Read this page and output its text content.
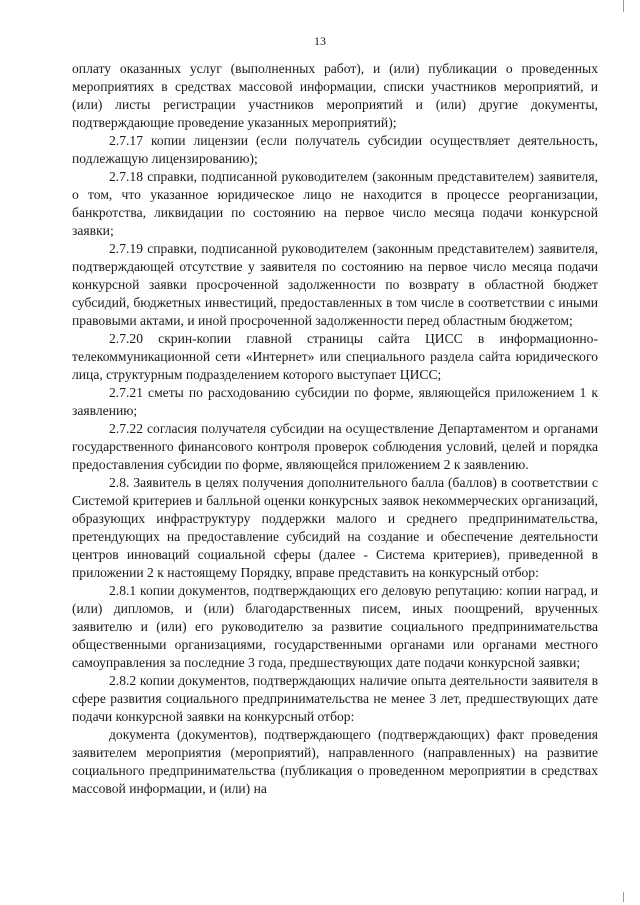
13

оплату оказанных услуг (выполненных работ), и (или) публикации о проведенных мероприятиях в средствах массовой информации, списки участников мероприятий, и (или) листы регистрации участников мероприятий и (или) другие документы, подтверждающие проведение указанных мероприятий);

2.7.17 копии лицензии (если получатель субсидии осуществляет деятельность, подлежащую лицензированию);

2.7.18 справки, подписанной руководителем (законным представителем) заявителя, о том, что указанное юридическое лицо не находится в процессе реорганизации, банкротства, ликвидации по состоянию на первое число месяца подачи конкурсной заявки;

2.7.19 справки, подписанной руководителем (законным представителем) заявителя, подтверждающей отсутствие у заявителя по состоянию на первое число месяца подачи конкурсной заявки просроченной задолженности по возврату в областной бюджет субсидий, бюджетных инвестиций, предоставленных в том числе в соответствии с иными правовыми актами, и иной просроченной задолженности перед областным бюджетом;

2.7.20 скрин-копии главной страницы сайта ЦИСС в информационно-телекоммуникационной сети «Интернет» или специального раздела сайта юридического лица, структурным подразделением которого выступает ЦИСС;

2.7.21 сметы по расходованию субсидии по форме, являющейся приложением 1 к заявлению;

2.7.22 согласия получателя субсидии на осуществление Департаментом и органами государственного финансового контроля проверок соблюдения условий, целей и порядка предоставления субсидии по форме, являющейся приложением 2 к заявлению.

2.8. Заявитель в целях получения дополнительного балла (баллов) в соответствии с Системой критериев и балльной оценки конкурсных заявок некоммерческих организаций, образующих инфраструктуру поддержки малого и среднего предпринимательства, претендующих на предоставление субсидий на создание и обеспечение деятельности центров инноваций социальной сферы (далее - Система критериев), приведенной в приложении 2 к настоящему Порядку, вправе представить на конкурсный отбор:

2.8.1 копии документов, подтверждающих его деловую репутацию: копии наград, и (или) дипломов, и (или) благодарственных писем, иных поощрений, врученных заявителю и (или) его руководителю за развитие социального предпринимательства общественными организациями, государственными органами или органами местного самоуправления за последние 3 года, предшествующих дате подачи конкурсной заявки;

2.8.2 копии документов, подтверждающих наличие опыта деятельности заявителя в сфере развития социального предпринимательства не менее 3 лет, предшествующих дате подачи конкурсной заявки на конкурсный отбор:

документа (документов), подтверждающего (подтверждающих) факт проведения заявителем мероприятия (мероприятий), направленного (направленных) на развитие социального предпринимательства (публикация о проведенном мероприятии в средствах массовой информации, и (или) на
